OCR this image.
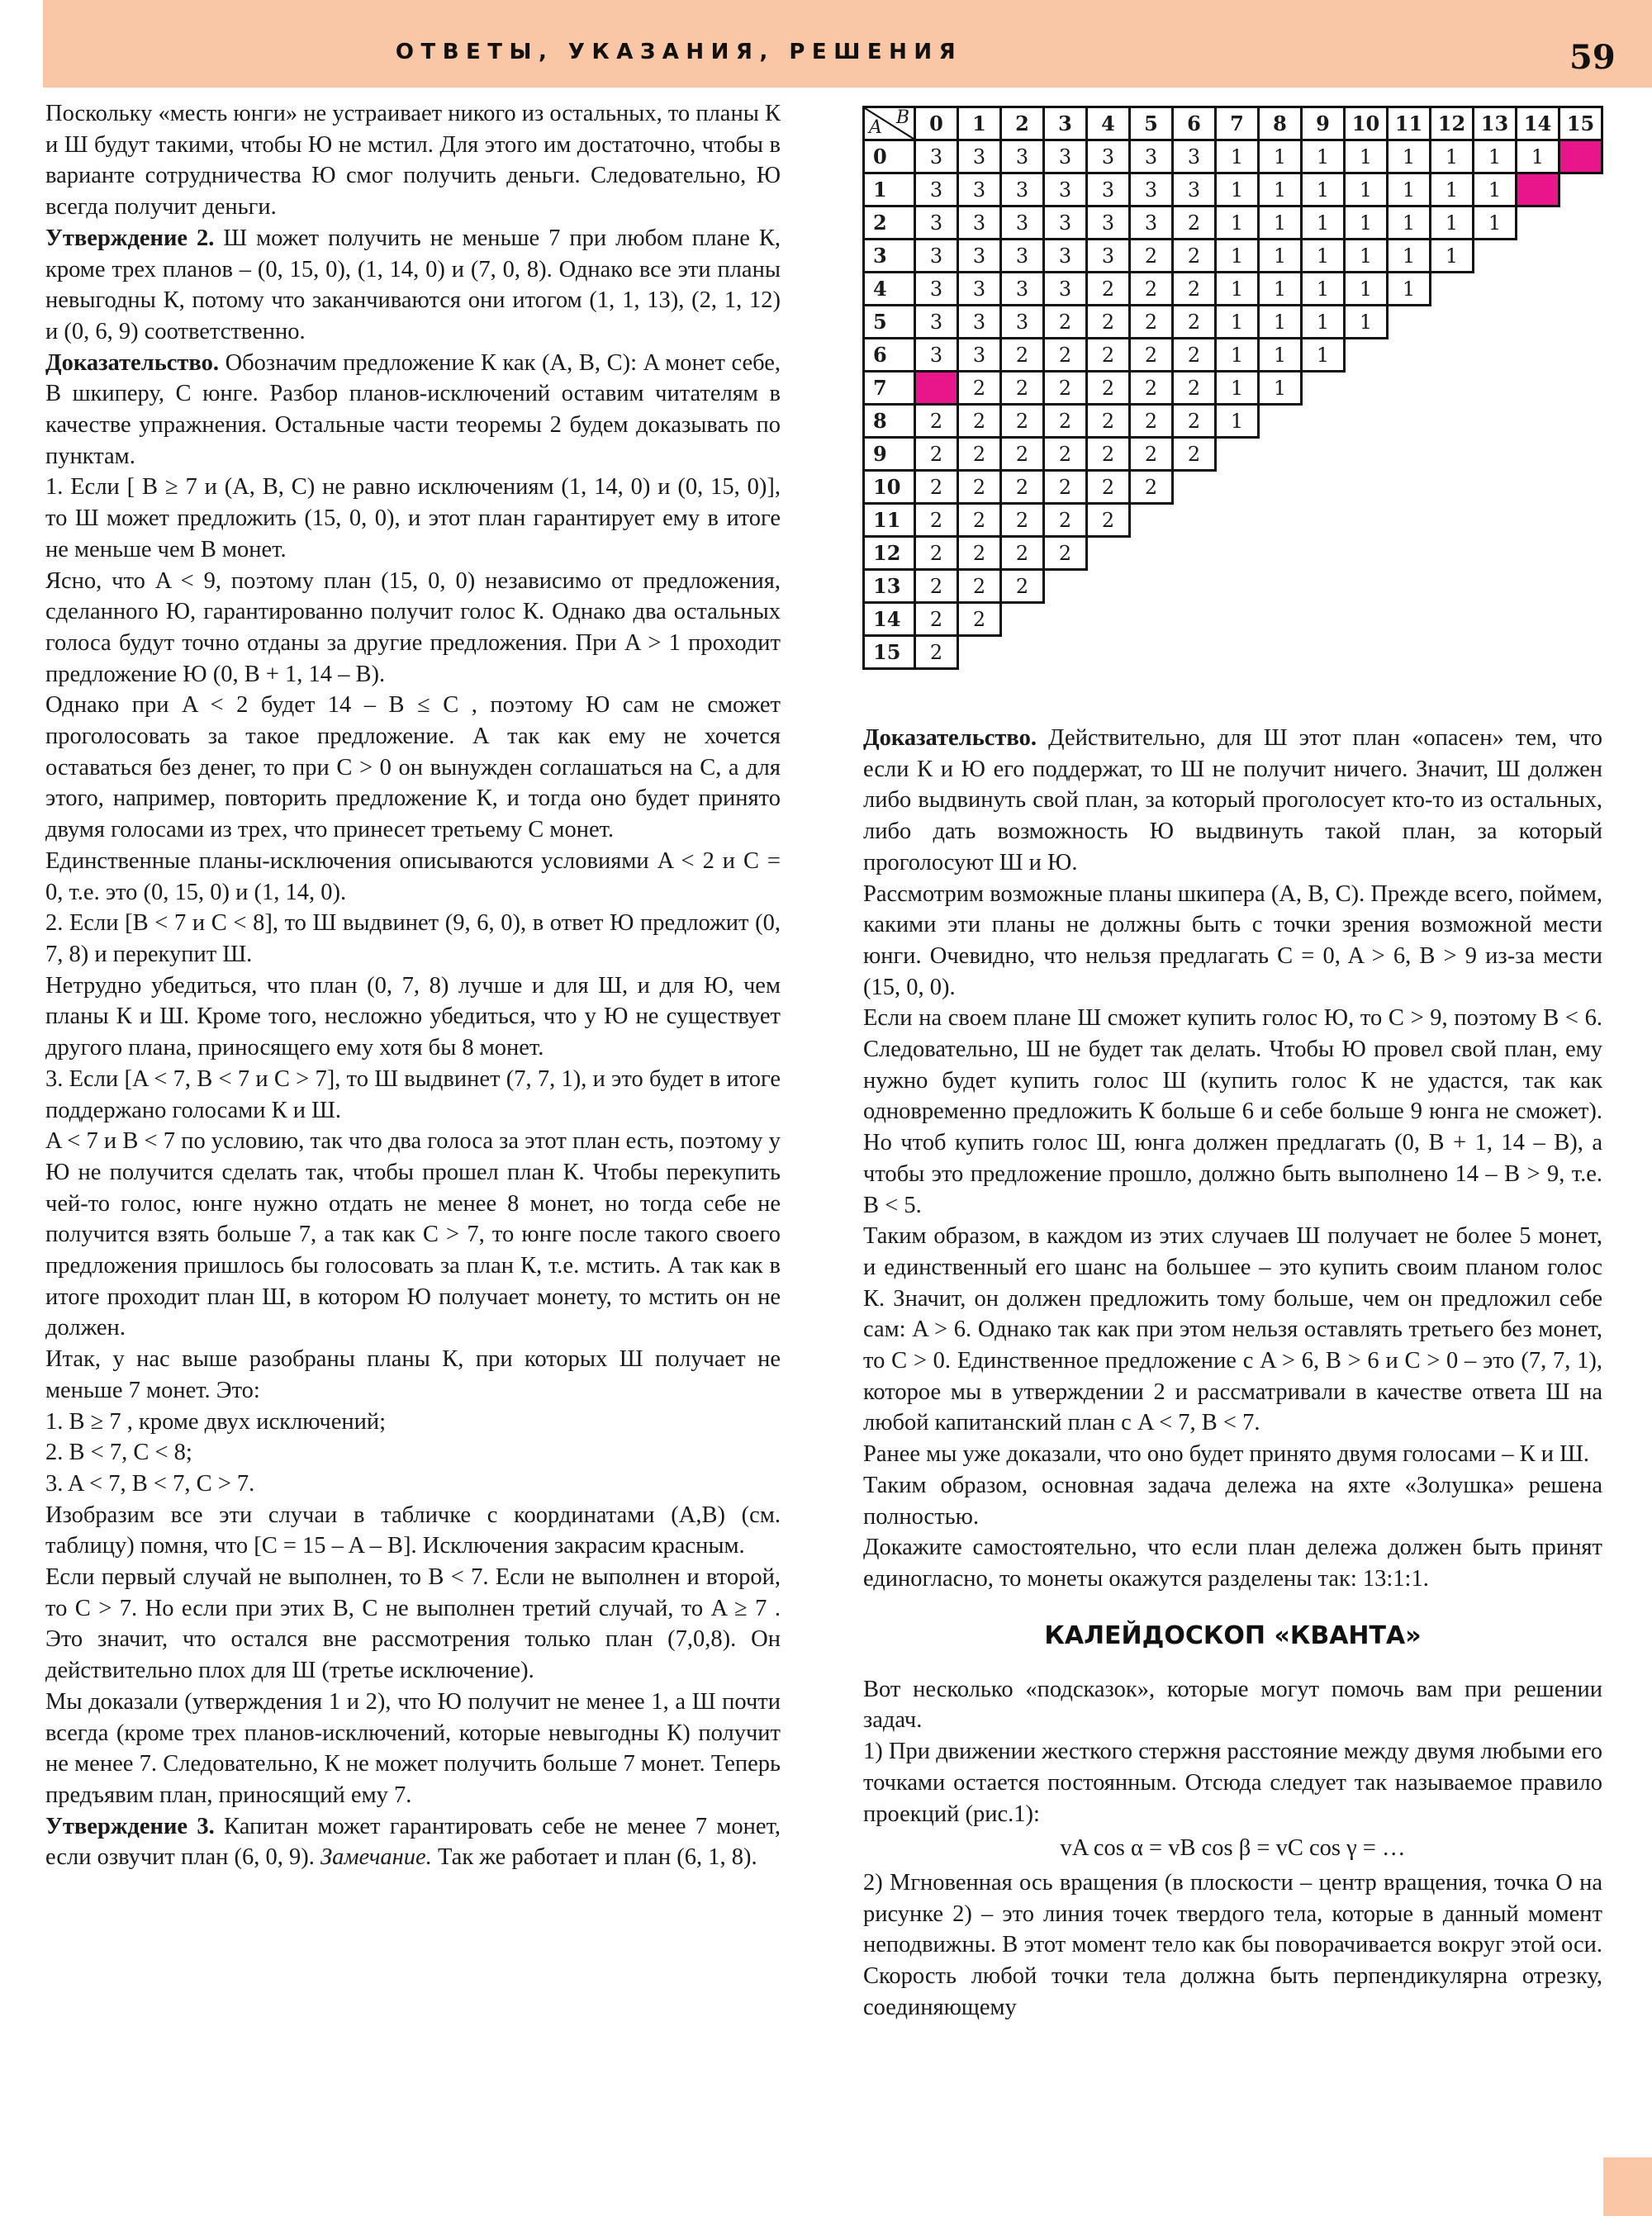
ОТВЕТЫ, УКАЗАНИЯ, РЕШЕНИЯ	59

Поскольку «месть юнги» не устраивает никого из остальных, то планы К и Ш будут такими, чтобы Ю не мстил. Для этого им достаточно, чтобы в варианте сотрудничества Ю смог получить деньги. Следовательно, Ю всегда получит деньги.

Утверждение 2. Ш может получить не меньше 7 при любом плане К, кроме трех планов – (0, 15, 0), (1, 14, 0) и (7, 0, 8). Однако все эти планы невыгодны К, потому что заканчиваются они итогом (1, 1, 13), (2, 1, 12) и (0, 6, 9) соответственно.

Доказательство. Обозначим предложение К как (A, B, C): A монет себе, B шкиперу, C юнге. Разбор планов-исключений оставим читателям в качестве упражнения. Остальные части теоремы 2 будем доказывать по пунктам.

1. Если [ B ≥ 7 и (A, B, C) не равно исключениям (1, 14, 0) и (0, 15, 0)], то Ш может предложить (15, 0, 0), и этот план гарантирует ему в итоге не меньше чем B монет.

Ясно, что A < 9, поэтому план (15, 0, 0) независимо от предложения, сделанного Ю, гарантированно получит голос К. Однако два остальных голоса будут точно отданы за другие предложения. При A > 1 проходит предложение Ю (0, B + 1, 14 – B).

Однако при A < 2 будет 14 – B ≤ C , поэтому Ю сам не сможет проголосовать за такое предложение. А так как ему не хочется оставаться без денег, то при C > 0 он вынужден соглашаться на C, а для этого, например, повторить предложение К, и тогда оно будет принято двумя голосами из трех, что принесет третьему C монет.

Единственные планы-исключения описываются условиями A < 2 и C = 0, т.е. это (0, 15, 0) и (1, 14, 0).

2. Если [B < 7 и C < 8], то Ш выдвинет (9, 6, 0), в ответ Ю предложит (0, 7, 8) и перекупит Ш.

Нетрудно убедиться, что план (0, 7, 8) лучше и для Ш, и для Ю, чем планы К и Ш. Кроме того, несложно убедиться, что у Ю не существует другого плана, приносящего ему хотя бы 8 монет.

3. Если [A < 7, B < 7 и C > 7], то Ш выдвинет (7, 7, 1), и это будет в итоге поддержано голосами К и Ш.

A < 7 и B < 7 по условию, так что два голоса за этот план есть, поэтому у Ю не получится сделать так, чтобы прошел план К. Чтобы перекупить чей-то голос, юнге нужно отдать не менее 8 монет, но тогда себе не получится взять больше 7, а так как C > 7, то юнге после такого своего предложения пришлось бы голосовать за план К, т.е. мстить. А так как в итоге проходит план Ш, в котором Ю получает монету, то мстить он не должен.

Итак, у нас выше разобраны планы К, при которых Ш получает не меньше 7 монет. Это:

1. B ≥ 7 , кроме двух исключений;

2. B < 7, C < 8;

3. A < 7, B < 7, C > 7.

Изобразим все эти случаи в табличке с координатами (A,B) (см. таблицу) помня, что [C = 15 – A – B]. Исключения закрасим красным.

Если первый случай не выполнен, то B < 7. Если не выполнен и второй, то C > 7. Но если при этих B, C не выполнен третий случай, то A ≥ 7 . Это значит, что остался вне рассмотрения только план (7,0,8). Он действительно плох для Ш (третье исключение).

Мы доказали (утверждения 1 и 2), что Ю получит не менее 1, а Ш почти всегда (кроме трех планов-исключений, которые невыгодны К) получит не менее 7. Следовательно, К не может получить больше 7 монет. Теперь предъявим план, приносящий ему 7.

Утверждение 3. Капитан может гарантировать себе не менее 7 монет, если озвучит план (6, 0, 9). Замечание. Так же работает и план (6, 1, 8).

A B	0	1	2	3	4	5	6	7	8	9	10	11	12	13	14	15
0	3	3	3	3	3	3	3	1	1	1	1	1	1	1	1	
1	3	3	3	3	3	3	3	1	1	1	1	1	1	1		
2	3	3	3	3	3	3	2	1	1	1	1	1	1	1		
3	3	3	3	3	3	2	2	1	1	1	1	1	1			
4	3	3	3	3	2	2	2	1	1	1	1	1				
5	3	3	3	2	2	2	2	1	1	1	1					
6	3	3	2	2	2	2	2	1	1	1						
7		2	2	2	2	2	2	1	1							
8	2	2	2	2	2	2	2	1								
9	2	2	2	2	2	2	2									
10	2	2	2	2	2	2										
11	2	2	2	2	2											
12	2	2	2	2												
13	2	2	2													
14	2	2														
15	2															

Доказательство. Действительно, для Ш этот план «опасен» тем, что если К и Ю его поддержат, то Ш не получит ничего. Значит, Ш должен либо выдвинуть свой план, за который проголосует кто-то из остальных, либо дать возможность Ю выдвинуть такой план, за который проголосуют Ш и Ю.

Рассмотрим возможные планы шкипера (A, B, C). Прежде всего, поймем, какими эти планы не должны быть с точки зрения возможной мести юнги. Очевидно, что нельзя предлагать C = 0, A > 6, B > 9 из-за мести (15, 0, 0).

Если на своем плане Ш сможет купить голос Ю, то C > 9, поэтому B < 6. Следовательно, Ш не будет так делать. Чтобы Ю провел свой план, ему нужно будет купить голос Ш (купить голос К не удастся, так как одновременно предложить К больше 6 и себе больше 9 юнга не сможет). Но чтоб купить голос Ш, юнга должен предлагать (0, B + 1, 14 – B), а чтобы это предложение прошло, должно быть выполнено 14 – B > 9, т.е. B < 5.

Таким образом, в каждом из этих случаев Ш получает не более 5 монет, и единственный его шанс на большее – это купить своим планом голос К. Значит, он должен предложить тому больше, чем он предложил себе сам: A > 6. Однако так как при этом нельзя оставлять третьего без монет, то C > 0. Единственное предложение с A > 6, B > 6 и C > 0 – это (7, 7, 1), которое мы в утверждении 2 и рассматривали в качестве ответа Ш на любой капитанский план с A < 7, B < 7.

Ранее мы уже доказали, что оно будет принято двумя голосами – К и Ш.

Таким образом, основная задача дележа на яхте «Золушка» решена полностью.

Докажите самостоятельно, что если план дележа должен быть принят единогласно, то монеты окажутся разделены так: 13:1:1.

КАЛЕЙДОСКОП «КВАНТА»

Вот несколько «подсказок», которые могут помочь вам при решении задач.

1) При движении жесткого стержня расстояние между двумя любыми его точками остается постоянным. Отсюда следует так называемое правило проекций (рис.1):

vA cos α = vB cos β = vC cos γ = …

2) Мгновенная ось вращения (в плоскости – центр вращения, точка O на рисунке 2) – это линия точек твердого тела, которые в данный момент неподвижны. В этот момент тело как бы поворачивается вокруг этой оси. Скорость любой точки тела должна быть перпендикулярна отрезку, соединяющему
